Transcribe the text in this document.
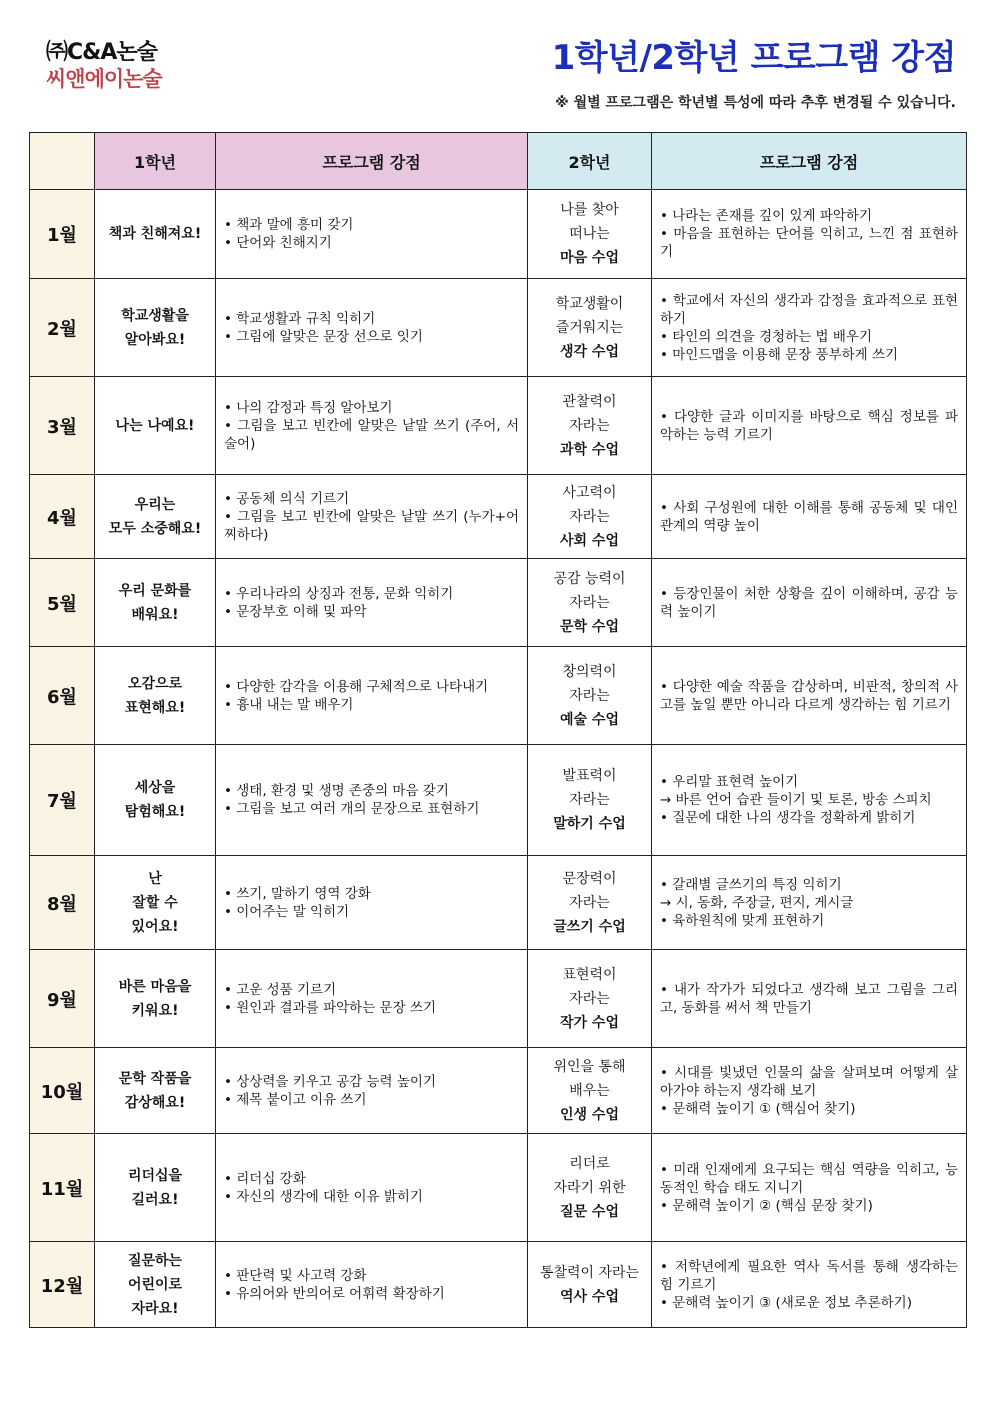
㈜C&A논술
씨앤에이논술
1학년/2학년 프로그램 강점
※ 월별 프로그램은 학년별 특성에 따라 추후 변경될 수 있습니다.
	1학년	프로그램 강점	2학년	프로그램 강점
1월	책과 친해져요!	• 책과 말에 흥미 갖기
• 단어와 친해지기	나를 찾아
떠나는
마음 수업	• 나라는 존재를 깊이 있게 파악하기
• 마음을 표현하는 단어를 익히고, 느낀 점 표현하기

2월	학교생활을
알아봐요!	• 학교생활과 규칙 익히기
• 그림에 알맞은 문장 선으로 잇기	학교생활이
즐거워지는
생각 수업	• 학교에서 자신의 생각과 감정을 효과적으로 표현하기
• 타인의 의견을 경청하는 법 배우기
• 마인드맵을 이용해 문장 풍부하게 쓰기

3월	나는 나예요!	• 나의 감정과 특징 알아보기
• 그림을 보고 빈칸에 알맞은 낱말 쓰기 (주어, 서술어)	관찰력이
자라는
과학 수업	• 다양한 글과 이미지를 바탕으로 핵심 정보를 파악하는 능력 기르기

4월	우리는
모두 소중해요!	• 공동체 의식 기르기
• 그림을 보고 빈칸에 알맞은 낱말 쓰기 (누가+어찌하다)	사고력이
자라는
사회 수업	• 사회 구성원에 대한 이해를 통해 공동체 및 대인 관계의 역량 높이

5월	우리 문화를
배워요!	• 우리나라의 상징과 전통, 문화 익히기
• 문장부호 이해 및 파악	공감 능력이
자라는
문학 수업	• 등장인물이 처한 상황을 깊이 이해하며, 공감 능력 높이기

6월	오감으로
표현해요!	• 다양한 감각을 이용해 구체적으로 나타내기
• 흉내 내는 말 배우기	창의력이
자라는
예술 수업	• 다양한 예술 작품을 감상하며, 비판적, 창의적 사고를 높일 뿐만 아니라 다르게 생각하는 힘 기르기

7월	세상을
탐험해요!	• 생태, 환경 및 생명 존중의 마음 갖기
• 그림을 보고 여러 개의 문장으로 표현하기	발표력이
자라는
말하기 수업	• 우리말 표현력 높이기
→ 바른 언어 습관 들이기 및 토론, 방송 스피치
• 질문에 대한 나의 생각을 정확하게 밝히기

8월	난
잘할 수
있어요!	• 쓰기, 말하기 영역 강화
• 이어주는 말 익히기	문장력이
자라는
글쓰기 수업	• 갈래별 글쓰기의 특징 익히기
→ 시, 동화, 주장글, 편지, 게시글
• 육하원칙에 맞게 표현하기

9월	바른 마음을
키워요!	• 고운 성품 기르기
• 원인과 결과를 파악하는 문장 쓰기	표현력이
자라는
작가 수업	• 내가 작가가 되었다고 생각해 보고 그림을 그리고, 동화를 써서 책 만들기

10월	문학 작품을
감상해요!	• 상상력을 키우고 공감 능력 높이기
• 제목 붙이고 이유 쓰기	위인을 통해
배우는
인생 수업	• 시대를 빛냈던 인물의 삶을 살펴보며 어떻게 살아가야 하는지 생각해 보기
• 문해력 높이기 ① (핵심어 찾기)

11월	리더십을
길러요!	• 리더십 강화
• 자신의 생각에 대한 이유 밝히기	리더로
자라기 위한
질문 수업	• 미래 인재에게 요구되는 핵심 역량을 익히고, 능동적인 학습 태도 지니기
• 문해력 높이기 ② (핵심 문장 찾기)

12월	질문하는
어린이로
자라요!	• 판단력 및 사고력 강화
• 유의어와 반의어로 어휘력 확장하기	통찰력이 자라는
역사 수업	• 저학년에게 필요한 역사 독서를 통해 생각하는 힘 기르기
• 문해력 높이기 ③ (새로운 정보 추론하기)
